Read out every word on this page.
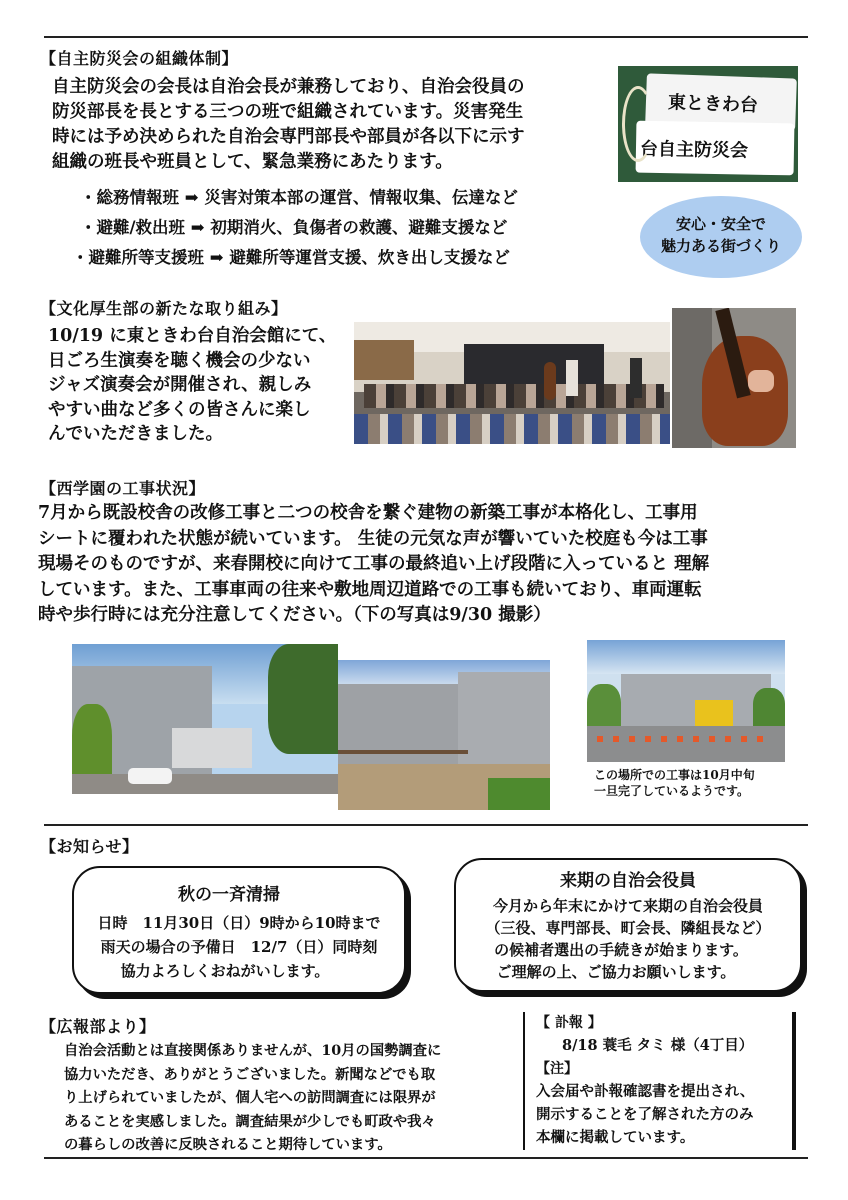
【自主防災会の組織体制】
自主防災会の会長は自治会長が兼務しており、自治会役員の
防災部長を長とする三つの班で組織されています。災害発生
時には予め決められた自治会専門部長や部員が各以下に示す
組織の班長や班員として、緊急業務にあたります。
・総務情報班 ➡ 災害対策本部の運営、情報収集、伝達など
・避難/救出班 ➡ 初期消火、負傷者の救護、避難支援など
・避難所等支援班 ➡ 避難所等運営支援、炊き出し支援など
東ときわ台
台自主防災会
安心・安全で
魅力ある街づくり
【文化厚生部の新たな取り組み】
10/19 に東ときわ台自治会館にて、
日ごろ生演奏を聴く機会の少ない
ジャズ演奏会が開催され、親しみ
やすい曲など多くの皆さんに楽し
んでいただきました。
【西学園の工事状況】
7月から既設校舎の改修工事と二つの校舎を繋ぐ建物の新築工事が本格化し、工事用
シートに覆われた状態が続いています。 生徒の元気な声が響いていた校庭も今は工事
現場そのものですが、来春開校に向けて工事の最終追い上げ段階に入っていると 理解
しています。また、工事車両の往来や敷地周辺道路での工事も続いており、車両運転
時や歩行時には充分注意してください。（下の写真は9/30 撮影）
この場所での工事は10月中旬
一旦完了しているようです。
【お知らせ】
秋の一斉清掃
日時　11月30日（日）9時から10時まで
雨天の場合の予備日　12/7（日）同時刻
協力よろしくおねがいします。
来期の自治会役員
今月から年末にかけて来期の自治会役員
（三役、専門部長、町会長、隣組長など）
の候補者選出の手続きが始まります。
ご理解の上、ご協力お願いします。
【広報部より】
自治会活動とは直接関係ありませんが、10月の国勢調査に
協力いただき、ありがとうございました。新聞などでも取
り上げられていましたが、個人宅への訪問調査には限界が
あることを実感しました。調査結果が少しでも町政や我々
の暮らしの改善に反映されること期待しています。
【 訃報 】
8/18 蓑毛 タミ 様（4丁目）
【注】
入会届や訃報確認書を提出され、
開示することを了解された方のみ
本欄に掲載しています。
